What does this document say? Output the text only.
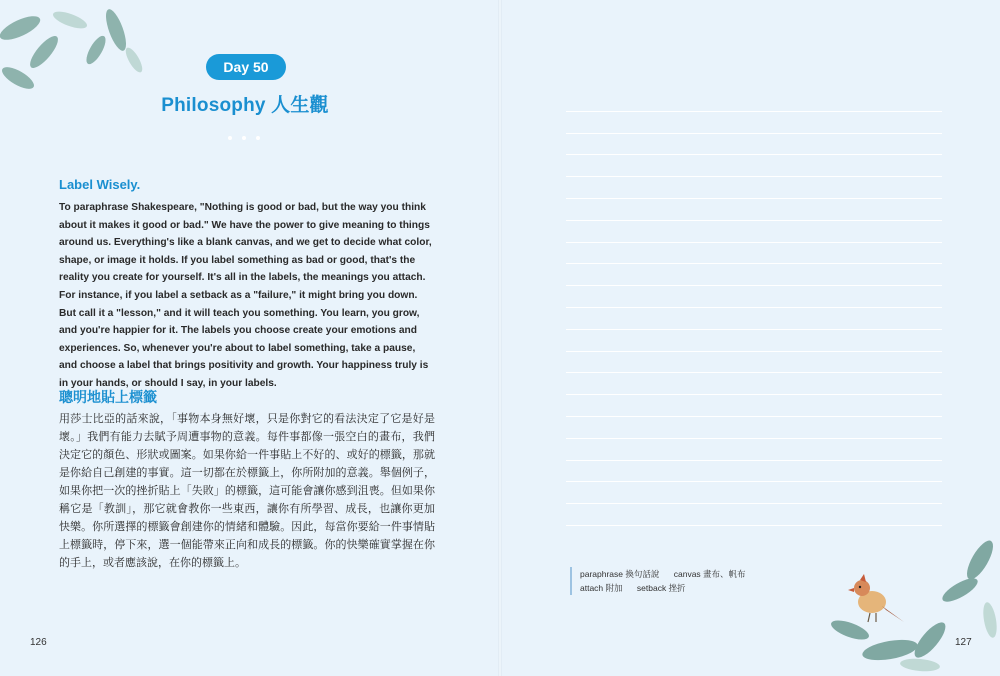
Day 50
Philosophy 人生觀
Label Wisely.
To paraphrase Shakespeare, "Nothing is good or bad, but the way you think about it makes it good or bad." We have the power to give meaning to things around us. Everything's like a blank canvas, and we get to decide what color, shape, or image it holds. If you label something as bad or good, that's the reality you create for yourself. It's all in the labels, the meanings you attach. For instance, if you label a setback as a "failure," it might bring you down. But call it a "lesson," and it will teach you something. You learn, you grow, and you're happier for it. The labels you choose create your emotions and experiences. So, whenever you're about to label something, take a pause, and choose a label that brings positivity and growth. Your happiness truly is in your hands, or should I say, in your labels.
聰明地貼上標籤
用莎士比亞的話來說，「事物本身無好壞，只是你對它的看法決定了它是好是壞。」我們有能力去賦予周遭事物的意義。每件事都像一張空白的畫布，我們決定它的顏色、形狀或圖案。如果你給一件事貼上不好的、或好的標籤，那就是你給自己創建的事實。這一切都在於標籤上，你所附加的意義。舉個例子，如果你把一次的挫折貼上「失敗」的標籤，這可能會讓你感到沮喪。但如果你稱它是「教訓」，那它就會教你一些東西，讓你有所學習、成長，也讓你更加快樂。你所選擇的標籤會創建你的情緒和體驗。因此，每當你要給一件事情貼上標籤時，停下來，選一個能帶來正向和成長的標籤。你的快樂確實掌握在你的手上，或者應該說，在你的標籤上。
126
paraphrase 換句話說 canvas 畫布、帆布
attach 附加 setback 挫折
127
